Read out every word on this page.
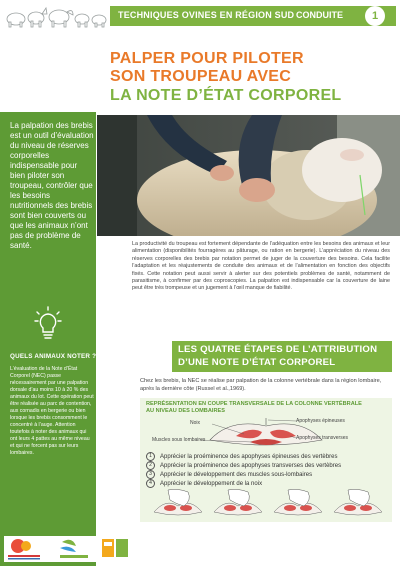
TECHNIQUES OVINES EN RÉGION SUD CONDUITE	1
PALPER POUR PILOTER
SON TROUPEAU AVEC
LA NOTE D’ÉTAT CORPOREL
La palpation des brebis est un outil d’évaluation du niveau de réserves corporelles indispensable pour bien piloter son troupeau, contrôler que les besoins nutritionnels des brebis sont bien couverts ou que les animaux n’ont pas de problème de santé.
QUELS ANIMAUX NOTER ?
L’évaluation de la Note d’État Corporel (NEC) passe nécessairement par une palpation dorsale d’au moins 10 à 20 % des animaux du lot. Cette opération peut être réalisée au parc de contention, aux cornadis en bergerie ou bien lorsque les brebis consomment le concentré à l’auge. Attention toutefois à noter des animaux qui ont leurs 4 pattes au même niveau et qui ne forcent pas sur leurs lombaires.
La productivité du troupeau est fortement dépendante de l’adéquation entre les besoins des animaux et leur alimentation (disponibilités fourragères au pâturage, ou ration en bergerie). L’appréciation du niveau des réserves corporelles des brebis par notation permet de juger de la couverture des besoins. Cela facilite l’adaptation et les réajustements de conduite des animaux et de l’alimentation en fonction des objectifs fixés. Cette notation peut aussi servir à alerter sur des potentiels problèmes de santé, notamment de parasitisme, à confirmer par des coproscopies. La palpation est indispensable car la couverture de laine peut être très trompeuse et un jugement à l’œil manque de fiabilité.
LES QUATRE ÉTAPES DE L’ATTRIBUTION
D’UNE NOTE D’ÉTAT CORPOREL
Chez les brebis, la NEC se réalise par palpation de la colonne vertébrale dans la région lombaire, après la dernière côte (Russel et al.,1969).
REPRÉSENTATION EN COUPE TRANSVERSALE DE LA COLONNE VERTÉBRALE
AU NIVEAU DES LOMBAIRES
Noix
Muscles sous lombaires
Apophyses épineuses
Apophyses transverses
1	Apprécier la proéminence des apophyses épineuses des vertèbres
2	Apprécier la proéminence des apophyses transverses des vertèbres
3	Apprécier le développement des muscles sous-lombaires
4	Apprécier le développement de la noix
